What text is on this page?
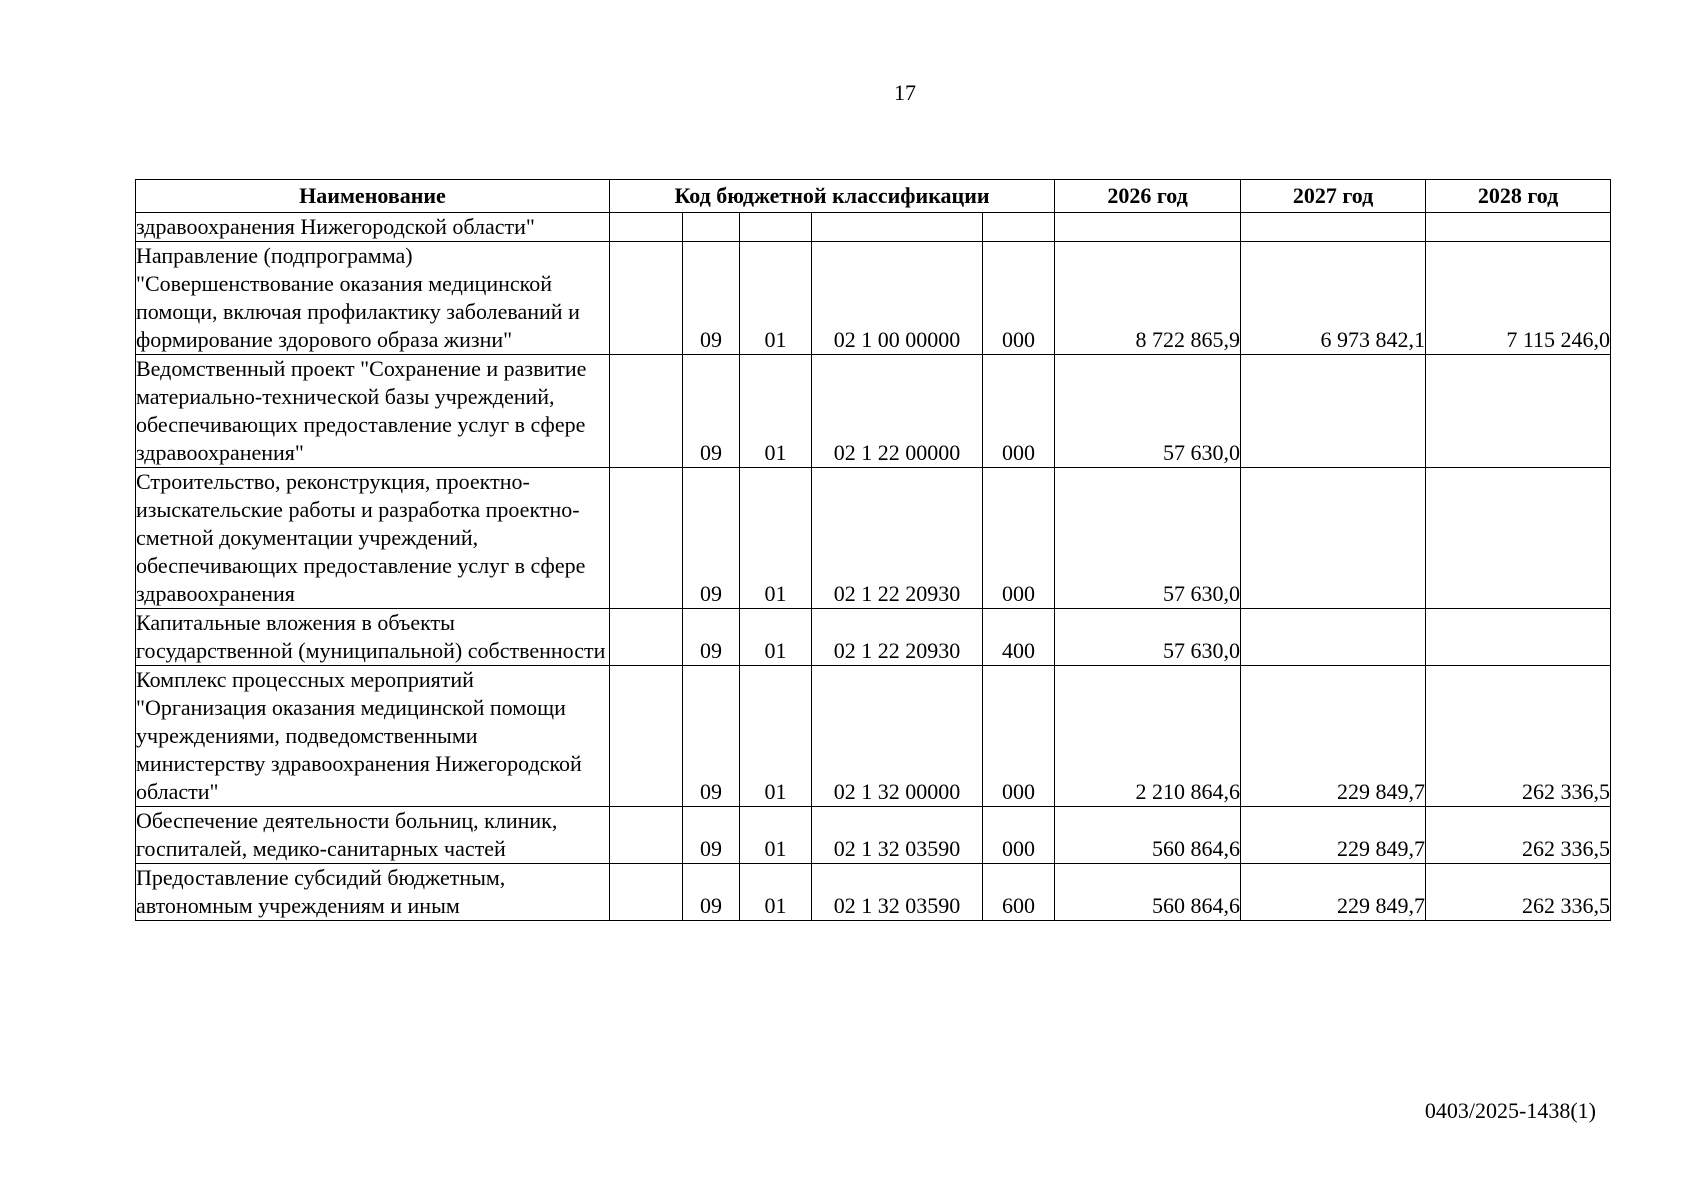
17
Наименование	Код бюджетной классификации					2026 год	2027 год	2028 год
здравоохранения Нижегородской области"								
Направление (подпрограмма) "Совершенствование оказания медицинской помощи, включая профилактику заболеваний и формирование здорового образа жизни"		09	01	02 1 00 00000	000	8 722 865,9	6 973 842,1	7 115 246,0
Ведомственный проект "Сохранение и развитие материально-технической базы учреждений, обеспечивающих предоставление услуг в сфере здравоохранения"		09	01	02 1 22 00000	000	57 630,0		
Строительство, реконструкция, проектно-изыскательские работы и разработка проектно-сметной документации учреждений, обеспечивающих предоставление услуг в сфере здравоохранения		09	01	02 1 22 20930	000	57 630,0		
Капитальные вложения в объекты государственной (муниципальной) собственности		09	01	02 1 22 20930	400	57 630,0		
Комплекс процессных мероприятий "Организация оказания медицинской помощи учреждениями, подведомственными министерству здравоохранения Нижегородской области"		09	01	02 1 32 00000	000	2 210 864,6	229 849,7	262 336,5
Обеспечение деятельности больниц, клиник, госпиталей, медико-санитарных частей		09	01	02 1 32 03590	000	560 864,6	229 849,7	262 336,5
Предоставление субсидий бюджетным, автономным учреждениям и иным		09	01	02 1 32 03590	600	560 864,6	229 849,7	262 336,5
0403/2025-1438(1)
